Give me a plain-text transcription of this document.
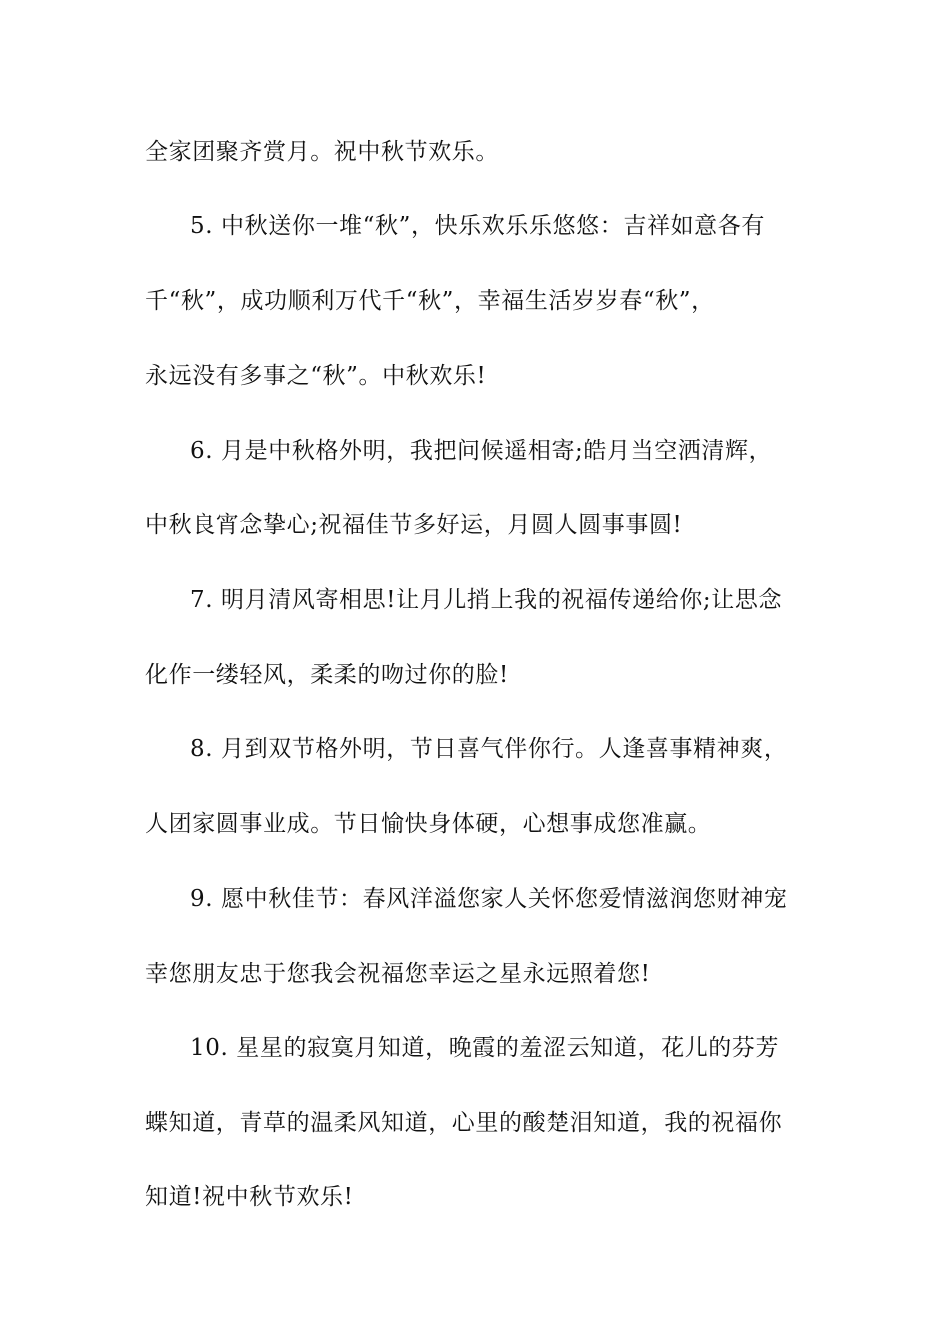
全家团聚齐赏月。祝中秋节欢乐。
5. 中秋送你一堆“秋”，快乐欢乐乐悠悠：吉祥如意各有
千“秋”，成功顺利万代千“秋”，幸福生活岁岁春“秋”，
永远没有多事之“秋”。中秋欢乐!
6. 月是中秋格外明，我把问候遥相寄;皓月当空洒清辉，
中秋良宵念挚心;祝福佳节多好运，月圆人圆事事圆!
7. 明月清风寄相思!让月儿捎上我的祝福传递给你;让思念
化作一缕轻风，柔柔的吻过你的脸!
8. 月到双节格外明，节日喜气伴你行。人逢喜事精神爽，
人团家圆事业成。节日愉快身体硬，心想事成您准赢。
9. 愿中秋佳节：春风洋溢您家人关怀您爱情滋润您财神宠
幸您朋友忠于您我会祝福您幸运之星永远照着您!
10. 星星的寂寞月知道，晚霞的羞涩云知道，花儿的芬芳
蝶知道，青草的温柔风知道，心里的酸楚泪知道，我的祝福你
知道!祝中秋节欢乐!
